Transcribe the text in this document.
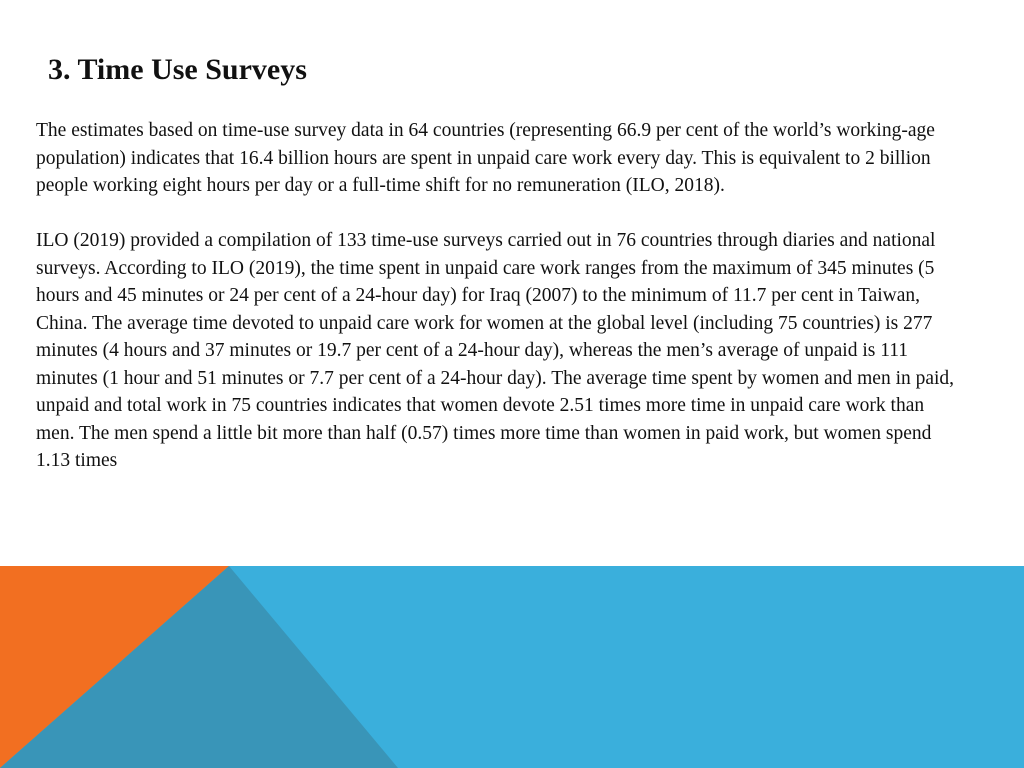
3. Time Use Surveys

The estimates based on time-use survey data in 64 countries (representing 66.9 per cent of the world’s working-age population) indicates that 16.4 billion hours are spent in unpaid care work every day. This is equivalent to 2 billion people working eight hours per day or a full-time shift for no remuneration (ILO, 2018).

ILO (2019) provided a compilation of 133 time-use surveys carried out in 76 countries through diaries and national surveys. According to ILO (2019), the time spent in unpaid care work ranges from the maximum of 345 minutes (5 hours and 45 minutes or 24 per cent of a 24-hour day) for Iraq (2007) to the minimum of 11.7 per cent in Taiwan, China. The average time devoted to unpaid care work for women at the global level (including 75 countries) is 277 minutes (4 hours and 37 minutes or 19.7 per cent of a 24-hour day), whereas the men’s average of unpaid is 111 minutes (1 hour and 51 minutes or 7.7 per cent of a 24-hour day). The average time spent by women and men in paid, unpaid and total work in 75 countries indicates that women devote 2.51 times more time in unpaid care work than men. The men spend a little bit more than half (0.57) times more time than women in paid work, but women spend 1.13 times
